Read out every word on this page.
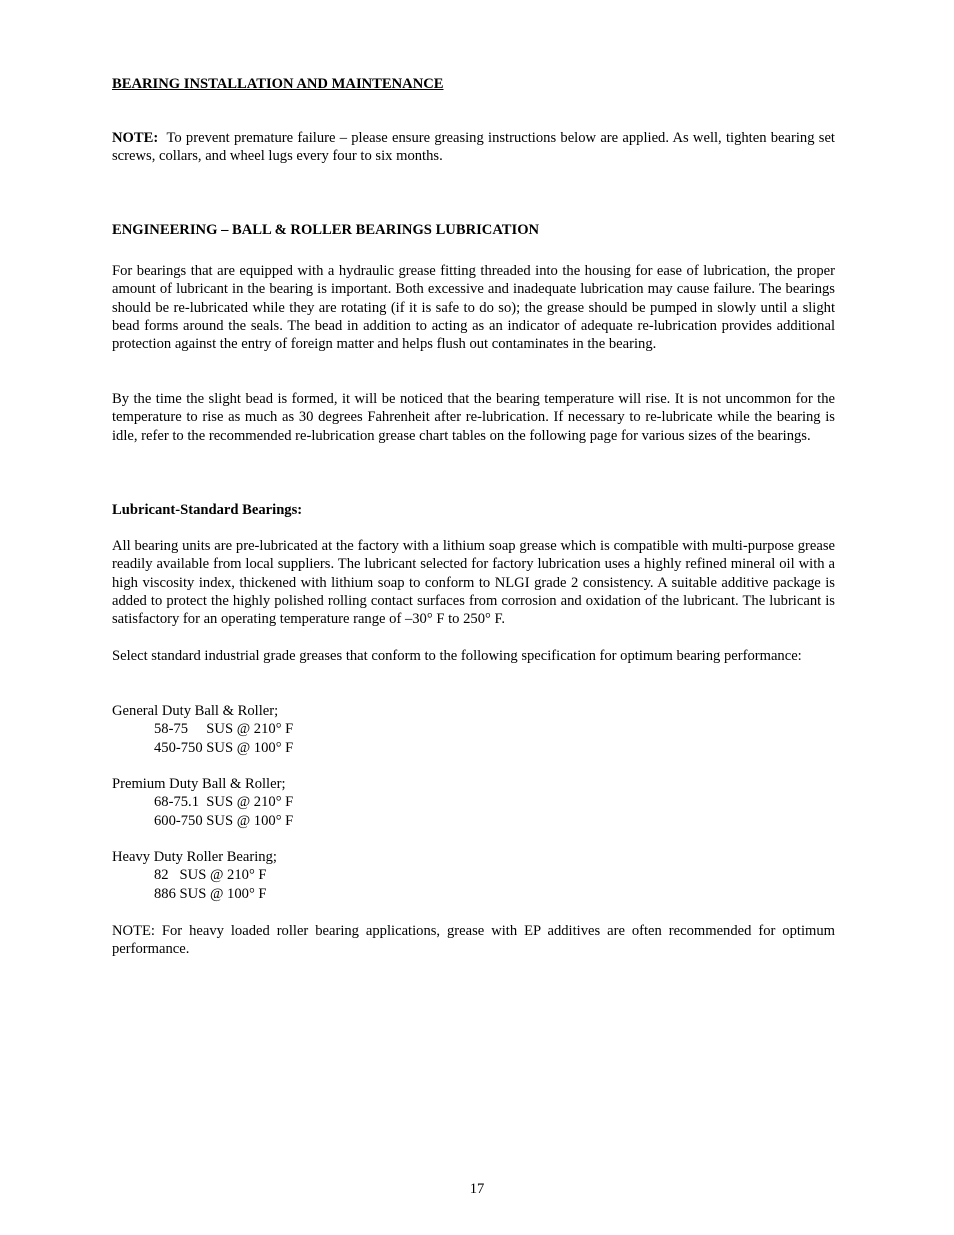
BEARING INSTALLATION AND MAINTENANCE

NOTE: To prevent premature failure – please ensure greasing instructions below are applied. As well, tighten bearing set screws, collars, and wheel lugs every four to six months.

ENGINEERING – BALL & ROLLER BEARINGS LUBRICATION

For bearings that are equipped with a hydraulic grease fitting threaded into the housing for ease of lubrication, the proper amount of lubricant in the bearing is important. Both excessive and inadequate lubrication may cause failure. The bearings should be re-lubricated while they are rotating (if it is safe to do so); the grease should be pumped in slowly until a slight bead forms around the seals. The bead in addition to acting as an indicator of adequate re-lubrication provides additional protection against the entry of foreign matter and helps flush out contaminates in the bearing.

By the time the slight bead is formed, it will be noticed that the bearing temperature will rise. It is not uncommon for the temperature to rise as much as 30 degrees Fahrenheit after re-lubrication. If necessary to re-lubricate while the bearing is idle, refer to the recommended re-lubrication grease chart tables on the following page for various sizes of the bearings.

Lubricant-Standard Bearings:

All bearing units are pre-lubricated at the factory with a lithium soap grease which is compatible with multi-purpose grease readily available from local suppliers. The lubricant selected for factory lubrication uses a highly refined mineral oil with a high viscosity index, thickened with lithium soap to conform to NLGI grade 2 consistency. A suitable additive package is added to protect the highly polished rolling contact surfaces from corrosion and oxidation of the lubricant. The lubricant is satisfactory for an operating temperature range of –30° F to 250° F.

Select standard industrial grade greases that conform to the following specification for optimum bearing performance:

General Duty Ball & Roller;
58-75     SUS @ 210° F
450-750 SUS @ 100° F
Premium Duty Ball & Roller;
68-75.1  SUS @ 210° F
600-750 SUS @ 100° F
Heavy Duty Roller Bearing;
82   SUS @ 210° F
886 SUS @ 100° F

NOTE: For heavy loaded roller bearing applications, grease with EP additives are often recommended for optimum performance.

17
